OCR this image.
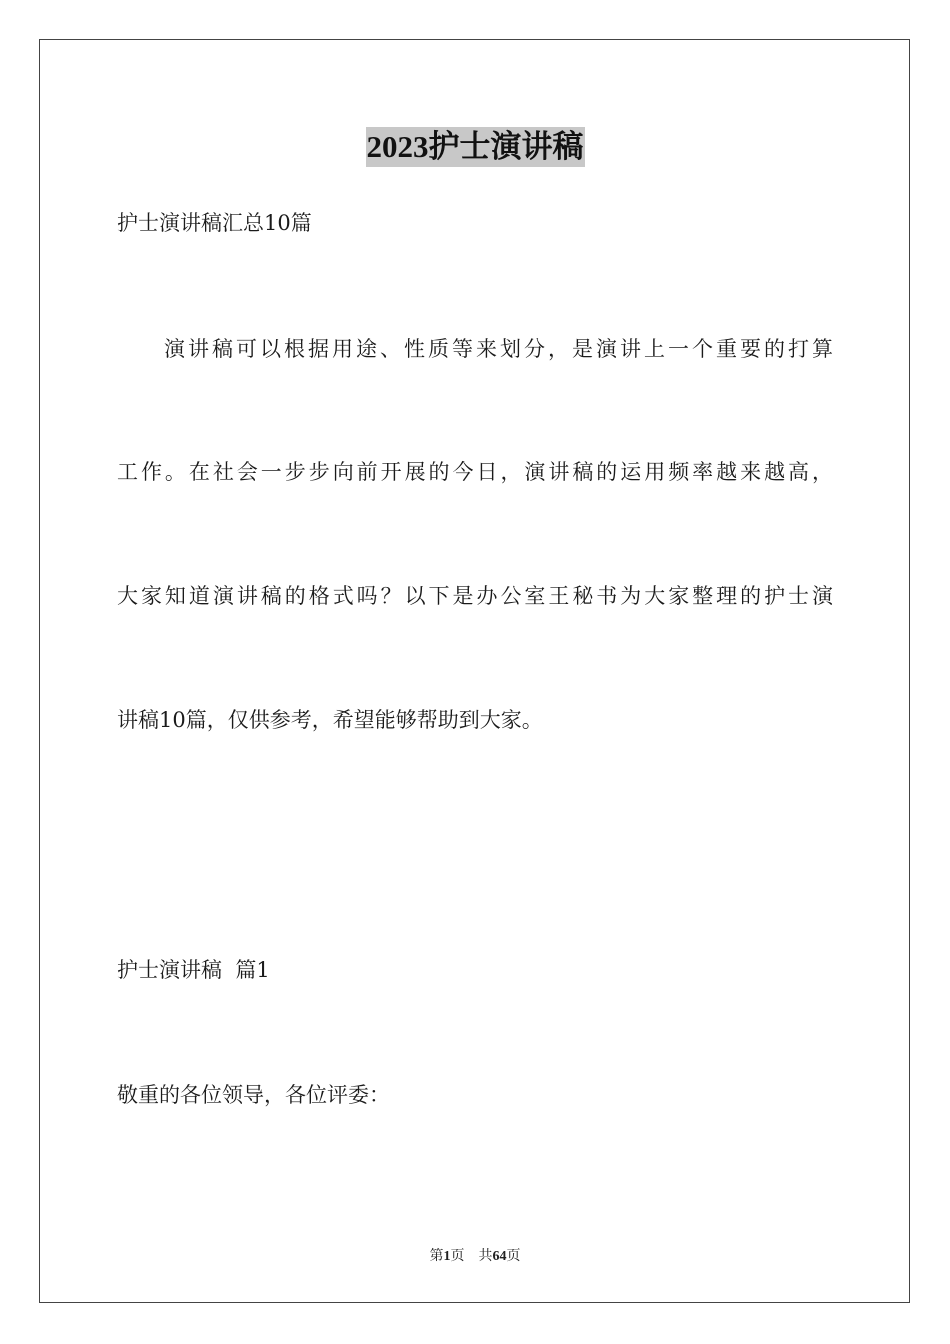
2023护士演讲稿
护士演讲稿汇总10篇
演讲稿可以根据用途、性质等来划分，是演讲上一个重要的打算
工作。在社会一步步向前开展的今日，演讲稿的运用频率越来越高，
大家知道演讲稿的格式吗？以下是办公室王秘书为大家整理的护士演
讲稿10篇，仅供参考，希望能够帮助到大家。
护士演讲稿  篇1
敬重的各位领导，各位评委：
第1页 共64页
